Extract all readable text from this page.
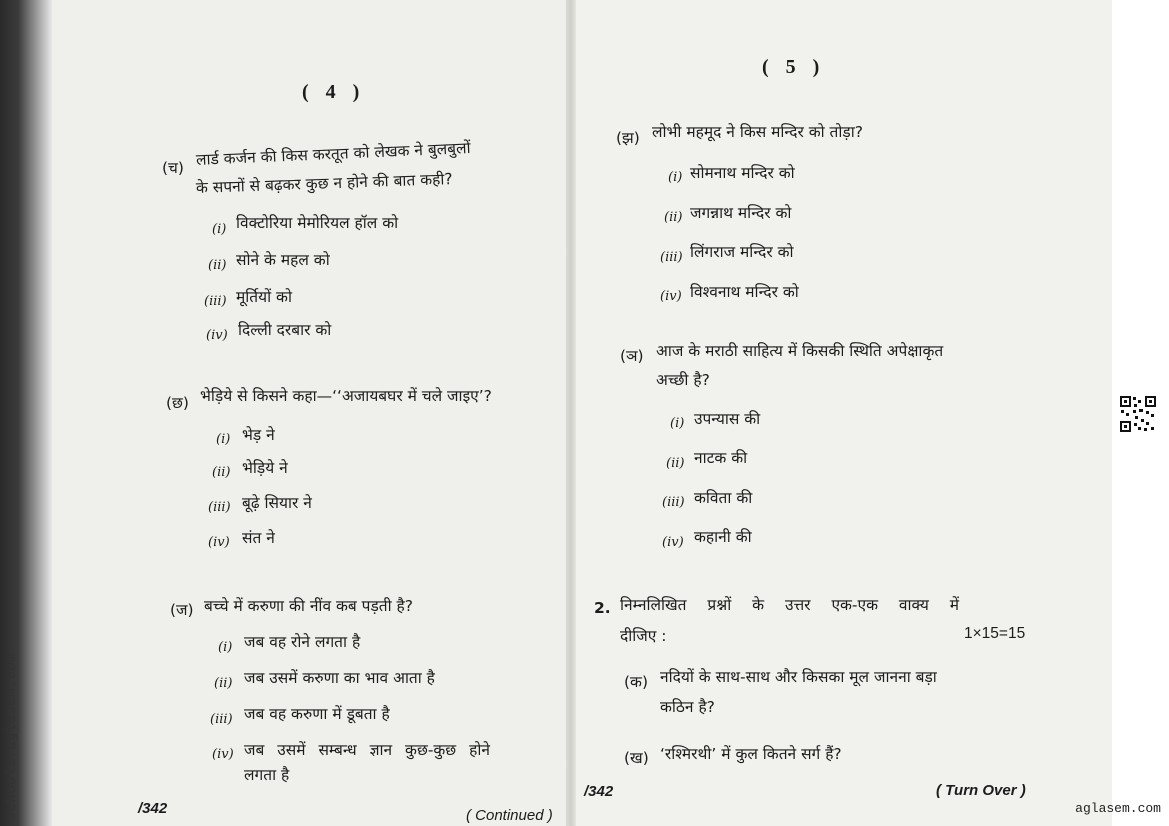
( 4 )
(च) लार्ड कर्जन की किस करतूत को लेखक ने बुलबुलों
के सपनों से बढ़कर कुछ न होने की बात कही?
(i) विक्टोरिया मेमोरियल हॉल को
(ii) सोने के महल को
(iii) मूर्तियों को
(iv) दिल्ली दरबार को
(छ) भेड़िये से किसने कहा—‘‘अजायबघर में चले जाइए’?
(i) भेड़ ने
(ii) भेड़िये ने
(iii) बूढ़े सियार ने
(iv) संत ने
(ज) बच्चे में करुणा की नींव कब पड़ती है?
(i) जब वह रोने लगता है
(ii) जब उसमें करुणा का भाव आता है
(iii) जब वह करुणा में डूबता है
(iv) जब उसमें सम्बन्ध ज्ञान कुछ-कुछ होने
लगता है
/342	( Continued )
( 5 )
(झ) लोभी महमूद ने किस मन्दिर को तोड़ा?
(i) सोमनाथ मन्दिर को
(ii) जगन्नाथ मन्दिर को
(iii) लिंगराज मन्दिर को
(iv) विश्वनाथ मन्दिर को
(ञ) आज के मराठी साहित्य में किसकी स्थिति अपेक्षाकृत
अच्छी है?
(i) उपन्यास की
(ii) नाटक की
(iii) कविता की
(iv) कहानी की
2. निम्नलिखित प्रश्नों के उत्तर एक-एक वाक्य में
दीजिए :	1×15=15
(क) नदियों के साथ-साथ और किसका मूल जानना बड़ा
कठिन है?
(ख) ‘रश्मिरथी’ में कुल कितने सर्ग हैं?
/342	( Turn Over )
schools.aglasem.com	aglasem.com
